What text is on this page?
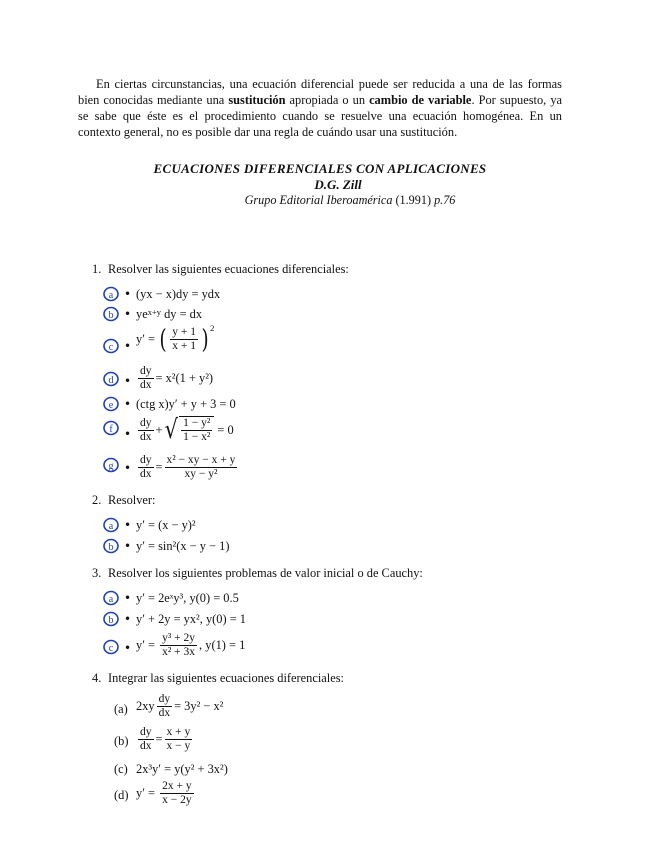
En ciertas circunstancias, una ecuación diferencial puede ser reducida a una de las formas bien conocidas mediante una sustitución apropiada o un cambio de variable. Por supuesto, ya se sabe que éste es el procedimiento cuando se resuelve una ecuación homogénea. En un contexto general, no es posible dar una regla de cuándo usar una sustitución.
ECUACIONES DIFERENCIALES CON APLICACIONES
D.G. Zill
Grupo Editorial Iberoamérica (1.991) p.76
1. Resolver las siguientes ecuaciones diferenciales:
a • (yx − x)dy = ydx
b • $ye^{x+y}$
dy = dx
c • y′ =
( $\frac{y + 1}{x + 1} )^2$
d • $\frac{dy}{dx} = x^2(1 + y^2)$
e • (ctg x)y′ + y + 3 = 0
f • $\frac{dy}{dx}$ + √ $\frac{\text{1 − y²}}{\text{1 − x²}}$
= 0
g • $\frac{dy}{dx} = \frac{\text{x² − xy − x + y}}{\text{xy − y²}}$
2. Resolver:
a • y′ = (x − y)²
b • y′ = sin²(x − y − 1)
3. Resolver los siguientes problemas de valor inicial o de Cauchy:
a • y′ = 2eˣy³, y(0) = 0.5
b • y′ + 2y = yx², y(0) = 1
c • y′ =
$\frac{\text{y³ + 2y}}{\text{x² + 3x}}$ , y(1) = 1
4. Integrar las siguientes ecuaciones diferenciales:
(a) $2xy \frac{dy}{dx} = 3y^2 - x^2$
$(b) \frac{dy}{dx} = \frac{x + y}{x - y}$
(c) 2x³y′ = y(y² + 3x²)
(d) y′ =
$\frac{2x + y}{x - 2y}$
